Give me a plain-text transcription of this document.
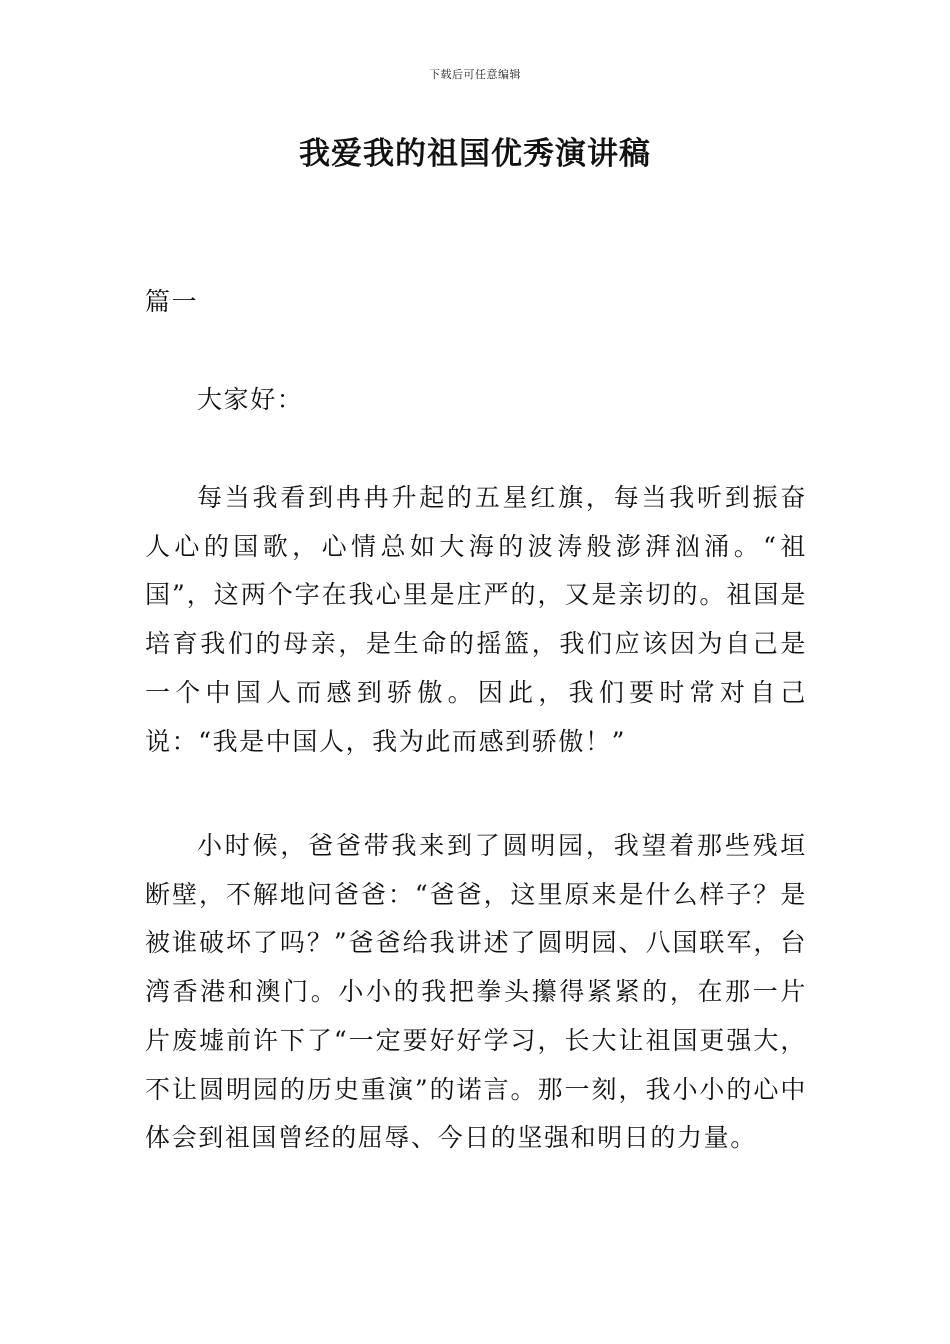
下载后可任意编辑
我爱我的祖国优秀演讲稿

篇一

大家好：

每当我看到冉冉升起的五星红旗，每当我听到振奋人心的国歌，心情总如大海的波涛般澎湃汹涌。“祖国”，这两个字在我心里是庄严的，又是亲切的。祖国是培育我们的母亲，是生命的摇篮，我们应该因为自己是一个中国人而感到骄傲。因此，我们要时常对自己说：“我是中国人，我为此而感到骄傲！”

小时候，爸爸带我来到了圆明园，我望着那些残垣断壁，不解地问爸爸：“爸爸，这里原来是什么样子？是被谁破坏了吗？”爸爸给我讲述了圆明园、八国联军，台湾香港和澳门。小小的我把拳头攥得紧紧的，在那一片片废墟前许下了“一定要好好学习，长大让祖国更强大，不让圆明园的历史重演”的诺言。那一刻，我小小的心中体会到祖国曾经的屈辱、今日的坚强和明日的力量。
